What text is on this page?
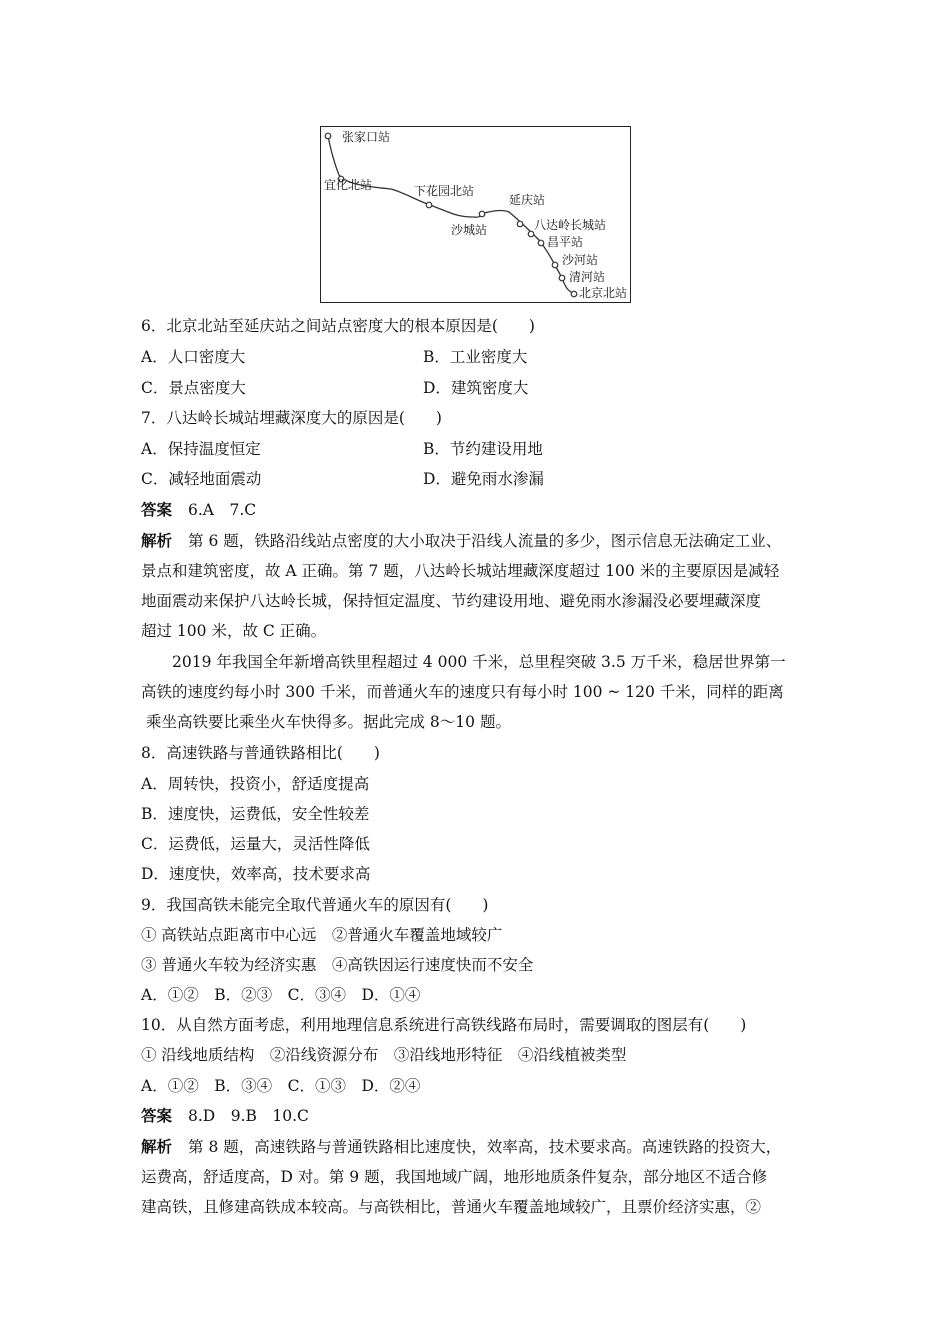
张家口站
宜化北站	下花园北站
延庆站
沙城站	八达岭长城站
昌平站
沙河站
清河站
北京北站
6．北京北站至延庆站之间站点密度大的根本原因是(　　)
A．人口密度大	B．工业密度大
C．景点密度大	D．建筑密度大
7．八达岭长城站埋藏深度大的原因是(　　)
A．保持温度恒定	B．节约建设用地
C．减轻地面震动	D．避免雨水渗漏
答案 6.A　7.C
解析 第 6 题，铁路沿线站点密度的大小取决于沿线人流量的多少，图示信息无法确定工业、
景点和建筑密度，故 A 正确。第 7 题，八达岭长城站埋藏深度超过 100 米的主要原因是减轻
地面震动来保护八达岭长城，保持恒定温度、节约建设用地、避免雨水渗漏没必要埋藏深度
超过 100 米，故 C 正确。
2019 年我国全年新增高铁里程超过 4 000 千米，总里程突破 3.5 万千米，稳居世界第一
高铁的速度约每小时 300 千米，而普通火车的速度只有每小时 100 ~ 120 千米，同样的距离
乘坐高铁要比乘坐火车快得多。据此完成 8～10 题。
8．高速铁路与普通铁路相比(　　)
A．周转快，投资小，舒适度提高
B．速度快，运费低，安全性较差
C．运费低，运量大，灵活性降低
D．速度快，效率高，技术要求高
9．我国高铁未能完全取代普通火车的原因有(　　)
① 高铁站点距离市中心远　②普通火车覆盖地域较广
③ 普通火车较为经济实惠　④高铁因运行速度快而不安全
A．①②　B．②③　C．③④　D．①④
10．从自然方面考虑，利用地理信息系统进行高铁线路布局时，需要调取的图层有(　　)
① 沿线地质结构　②沿线资源分布　③沿线地形特征　④沿线植被类型
A．①②　B．③④　C．①③　D．②④
答案 8.D　9.B　10.C
解析 第 8 题，高速铁路与普通铁路相比速度快，效率高，技术要求高。高速铁路的投资大，
运费高，舒适度高，D 对。第 9 题，我国地域广阔，地形地质条件复杂，部分地区不适合修
建高铁，且修建高铁成本较高。与高铁相比，普通火车覆盖地域较广，且票价经济实惠，②
